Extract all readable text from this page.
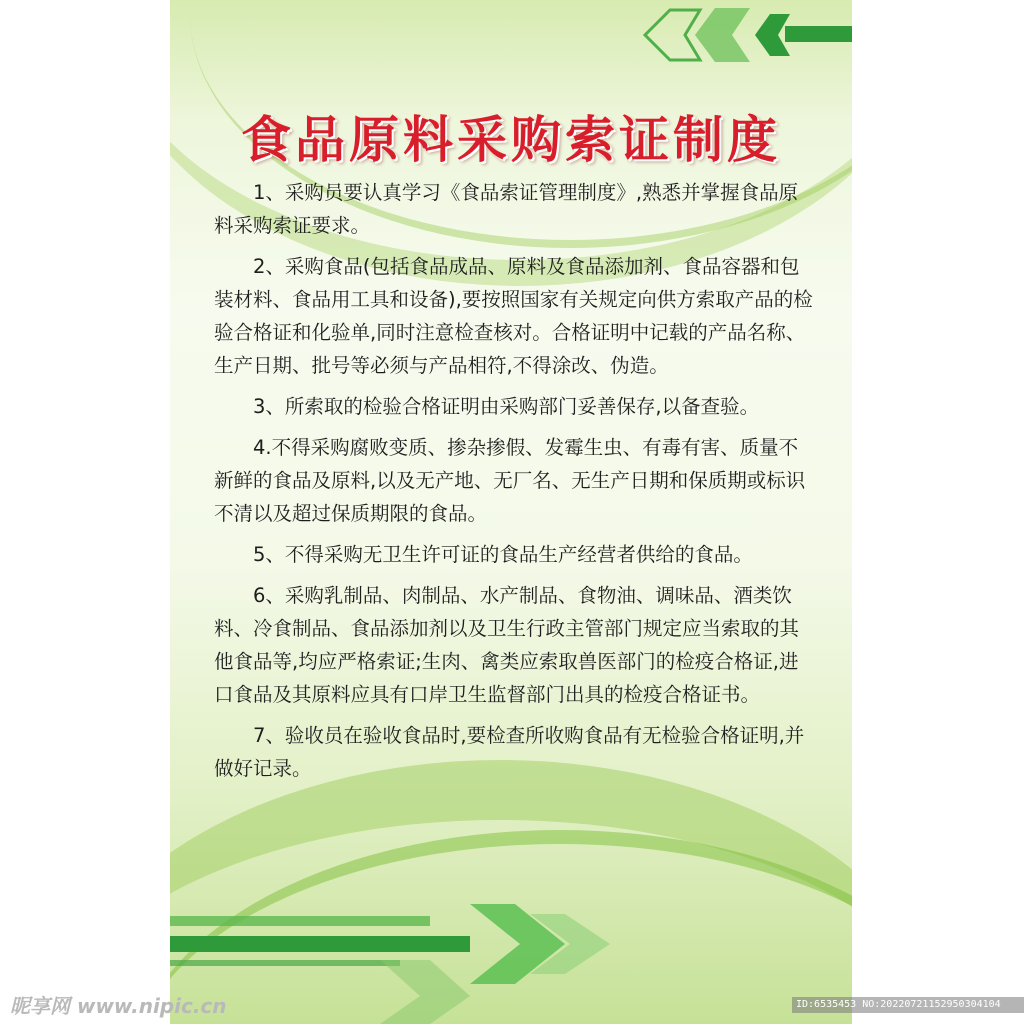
食品原料采购索证制度

1、采购员要认真学习《食品索证管理制度》,熟悉并掌握食品原料采购索证要求。

2、采购食品(包括食品成品、原料及食品添加剂、食品容器和包装材料、食品用工具和设备),要按照国家有关规定向供方索取产品的检验合格证和化验单,同时注意检查核对。合格证明中记载的产品名称、生产日期、批号等必须与产品相符,不得涂改、伪造。

3、所索取的检验合格证明由采购部门妥善保存,以备查验。

4.不得采购腐败变质、掺杂掺假、发霉生虫、有毒有害、质量不新鲜的食品及原料,以及无产地、无厂名、无生产日期和保质期或标识不清以及超过保质期限的食品。

5、不得采购无卫生许可证的食品生产经营者供给的食品。

6、采购乳制品、肉制品、水产制品、食物油、调味品、酒类饮料、冷食制品、食品添加剂以及卫生行政主管部门规定应当索取的其他食品等,均应严格索证;生肉、禽类应索取兽医部门的检疫合格证,进口食品及其原料应具有口岸卫生监督部门出具的检疫合格证书。

7、验收员在验收食品时,要检查所收购食品有无检验合格证明,并做好记录。

昵享网 www.nipic.cn	ID:6535453 NO:20220721152950304104
